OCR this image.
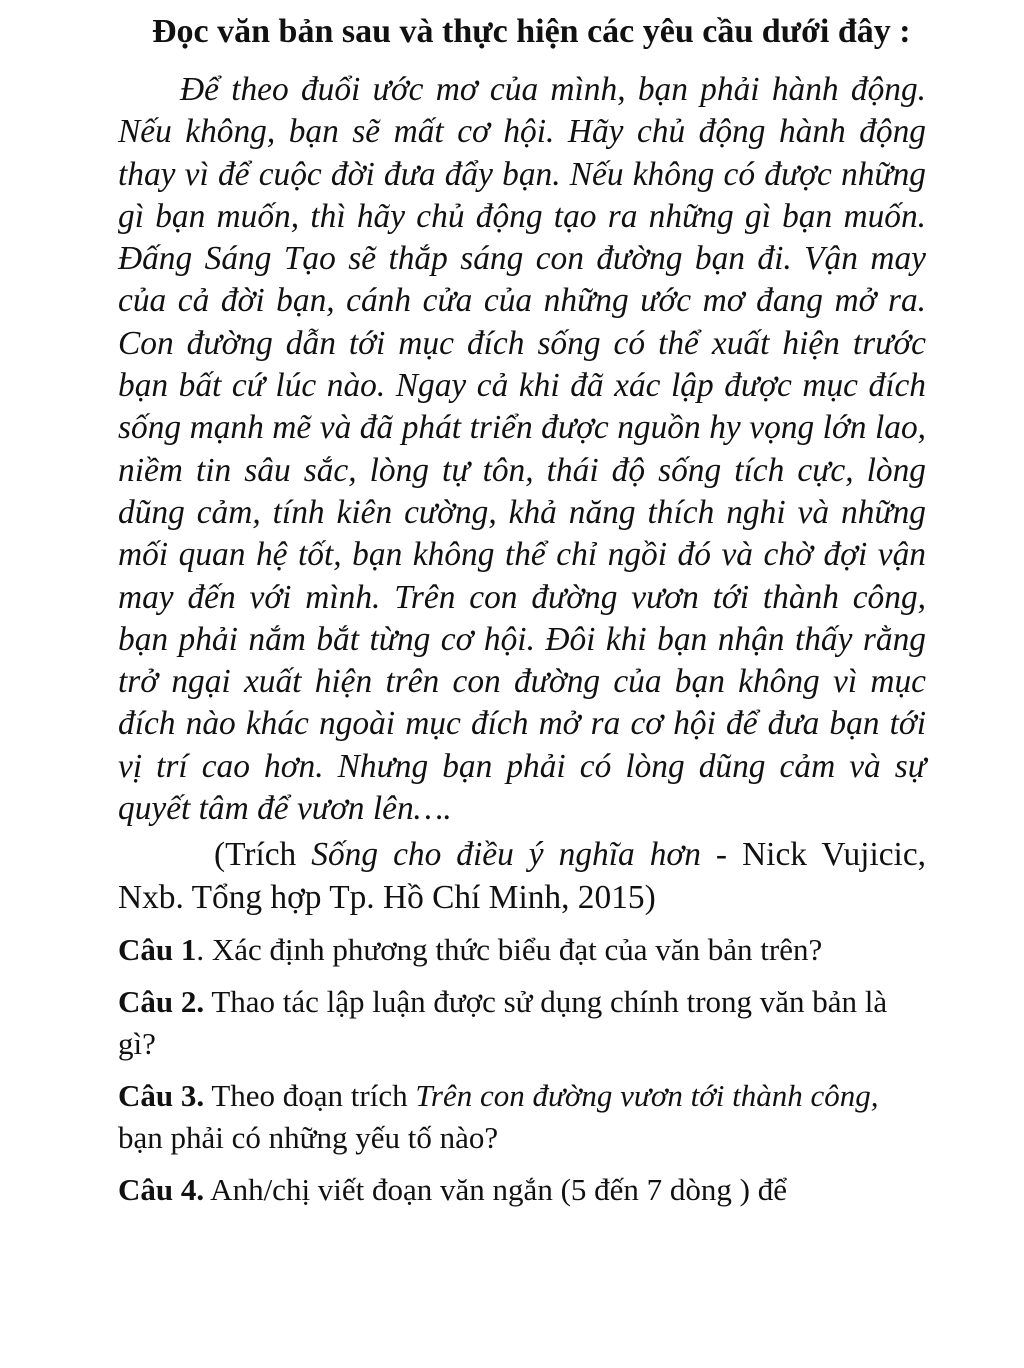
Đọc văn bản sau và thực hiện các yêu cầu dưới đây :

Để theo đuổi ước mơ của mình, bạn phải hành động. Nếu không, bạn sẽ mất cơ hội. Hãy chủ động hành động thay vì để cuộc đời đưa đẩy bạn. Nếu không có được những gì bạn muốn, thì hãy chủ động tạo ra những gì bạn muốn. Đấng Sáng Tạo sẽ thắp sáng con đường bạn đi. Vận may của cả đời bạn, cánh cửa của những ước mơ đang mở ra. Con đường dẫn tới mục đích sống có thể xuất hiện trước bạn bất cứ lúc nào. Ngay cả khi đã xác lập được mục đích sống mạnh mẽ và đã phát triển được nguồn hy vọng lớn lao, niềm tin sâu sắc, lòng tự tôn, thái độ sống tích cực, lòng dũng cảm, tính kiên cường, khả năng thích nghi và những mối quan hệ tốt, bạn không thể chỉ ngồi đó và chờ đợi vận may đến với mình. Trên con đường vươn tới thành công, bạn phải nắm bắt từng cơ hội. Đôi khi bạn nhận thấy rằng trở ngại xuất hiện trên con đường của bạn không vì mục đích nào khác ngoài mục đích mở ra cơ hội để đưa bạn tới vị trí cao hơn. Nhưng bạn phải có lòng dũng cảm và sự quyết tâm để vươn lên….

(Trích Sống cho điều ý nghĩa hơn - Nick Vujicic, Nxb. Tổng hợp Tp. Hồ Chí Minh, 2015)

Câu 1. Xác định phương thức biểu đạt của văn bản trên?

Câu 2. Thao tác lập luận được sử dụng chính trong văn bản là gì?

Câu 3. Theo đoạn trích Trên con đường vươn tới thành công, bạn phải có những yếu tố nào?

Câu 4. Anh/chị viết đoạn văn ngắn (5 đến 7 dòng ) để
